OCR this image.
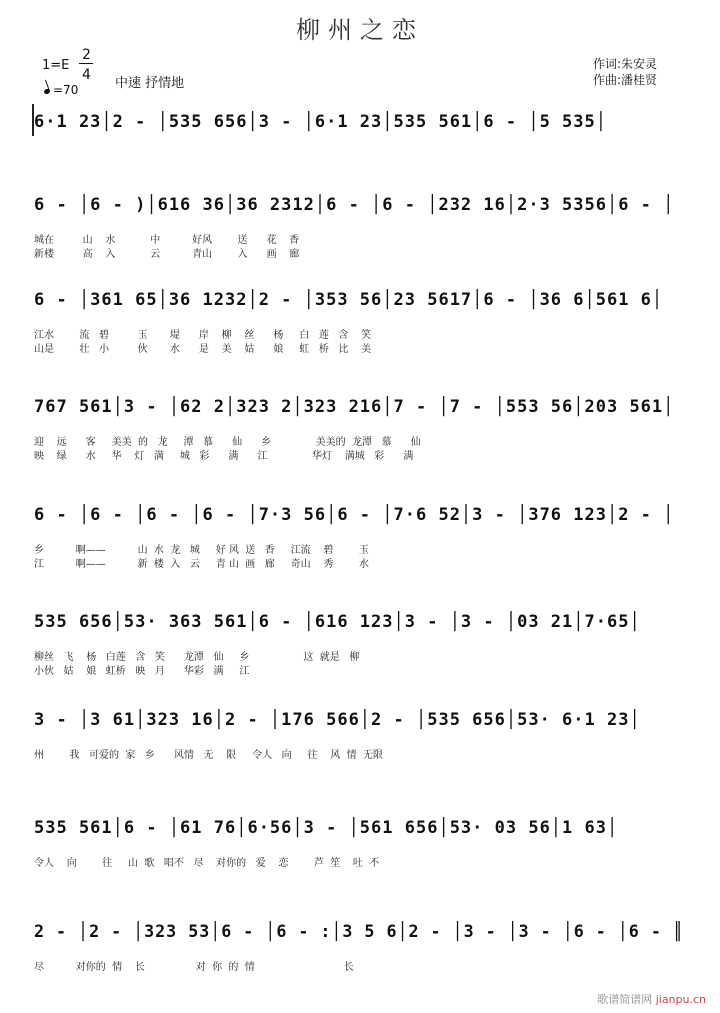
柳州之恋
1=E
2
4
=70	中速 抒情地
作词:朱安灵
作曲:潘桂贤
6·1 23│2 - │535 656│3 - │6·1 23│535 561│6 - │5 535│
6 - │6 - )│616 36│36 2312│6 - │6 - │232 16│2·3 5356│6 - │
城在         山    水           中          好风        送      花    香
新楼         高    入           云          青山        入      画    廊
6 - │361 65│36 1232│2 - │353 56│23 5617│6 - │36 6│561 6│
江水        流   碧         玉       堤      岸    柳    丝      杨     白   莲   含    笑
山是        壮   小         伙       水      是    美    姑      娘     虹   桥   比    美
767 561│3 - │62 2│323 2│323 216│7 - │7 - │553 56│203 561│
迎    远      客     美美  的   龙     潭   慕      仙      乡              美美的  龙潭   慕      仙
映    绿      水     华    灯   满     城   彩      满      江              华灯    满城   彩      满
6 - │6 - │6 - │6 - │7·3 56│6 - │7·6 52│3 - │376 123│2 - │
乡          啊——          山  水  龙   城     好 风  送   香     江流    碧        玉
江          啊——          新  楼  入   云     青 山  画   廊     奇山    秀        水
535 656│53· 363 561│6 - │616 123│3 - │3 - │03 21│7·65│
柳丝   飞    杨   白莲   含   笑      龙潭   仙     乡                 这  就是   柳
小伙   姑    娘   虹桥   映   月      华彩   满     江
3 - │3 61│323 16│2 - │176 566│2 - │535 656│53· 6·1 23│
州        我   可爱的  家   乡      风情   无    限     令人   向     往    风  情  无限
535 561│6 - │61 76│6·56│3 - │561 656│53· 03 56│1 63│
令人    向        往     山  歌   唱不   尽    对你的   爱    恋        芦  笙    吐  不
2 - │2 - │323 53│6 - │6 - :│3 5 6│2 - │3 - │3 - │6 - │6 - ║
尽          对你的  情    长                对  你  的  情                            长
歌谱简谱网 jianpu.cn
